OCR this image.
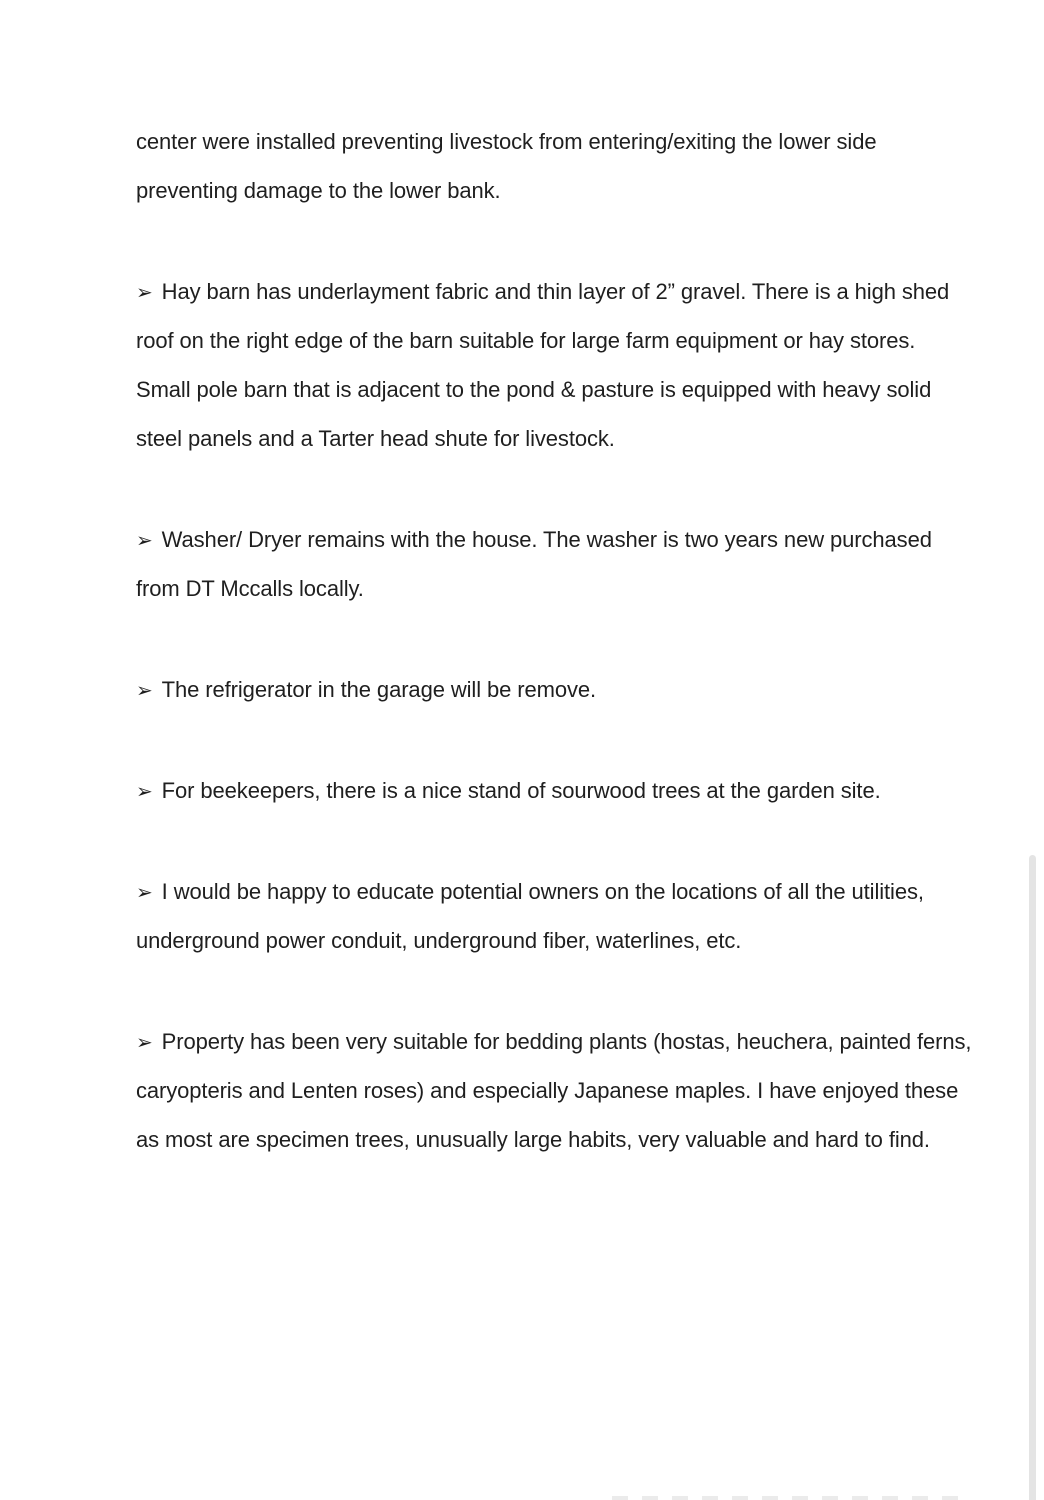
center were installed preventing livestock from entering/exiting the lower side
preventing damage to the lower bank.
➢ Hay barn has underlayment fabric and thin layer of 2” gravel. There is a high shed
roof on the right edge of the barn suitable for large farm equipment or hay stores.
Small pole barn that is adjacent to the pond & pasture is equipped with heavy solid
steel panels and a Tarter head shute for livestock.
➢ Washer/ Dryer remains with the house. The washer is two years new purchased
from DT Mccalls locally.
➢ The refrigerator in the garage will be remove.
➢ For beekeepers, there is a nice stand of sourwood trees at the garden site.
➢ I would be happy to educate potential owners on the locations of all the utilities,
underground power conduit, underground fiber, waterlines, etc.
➢ Property has been very suitable for bedding plants (hostas, heuchera, painted ferns,
caryopteris and Lenten roses) and especially Japanese maples. I have enjoyed these
as most are specimen trees, unusually large habits, very valuable and hard to find.
